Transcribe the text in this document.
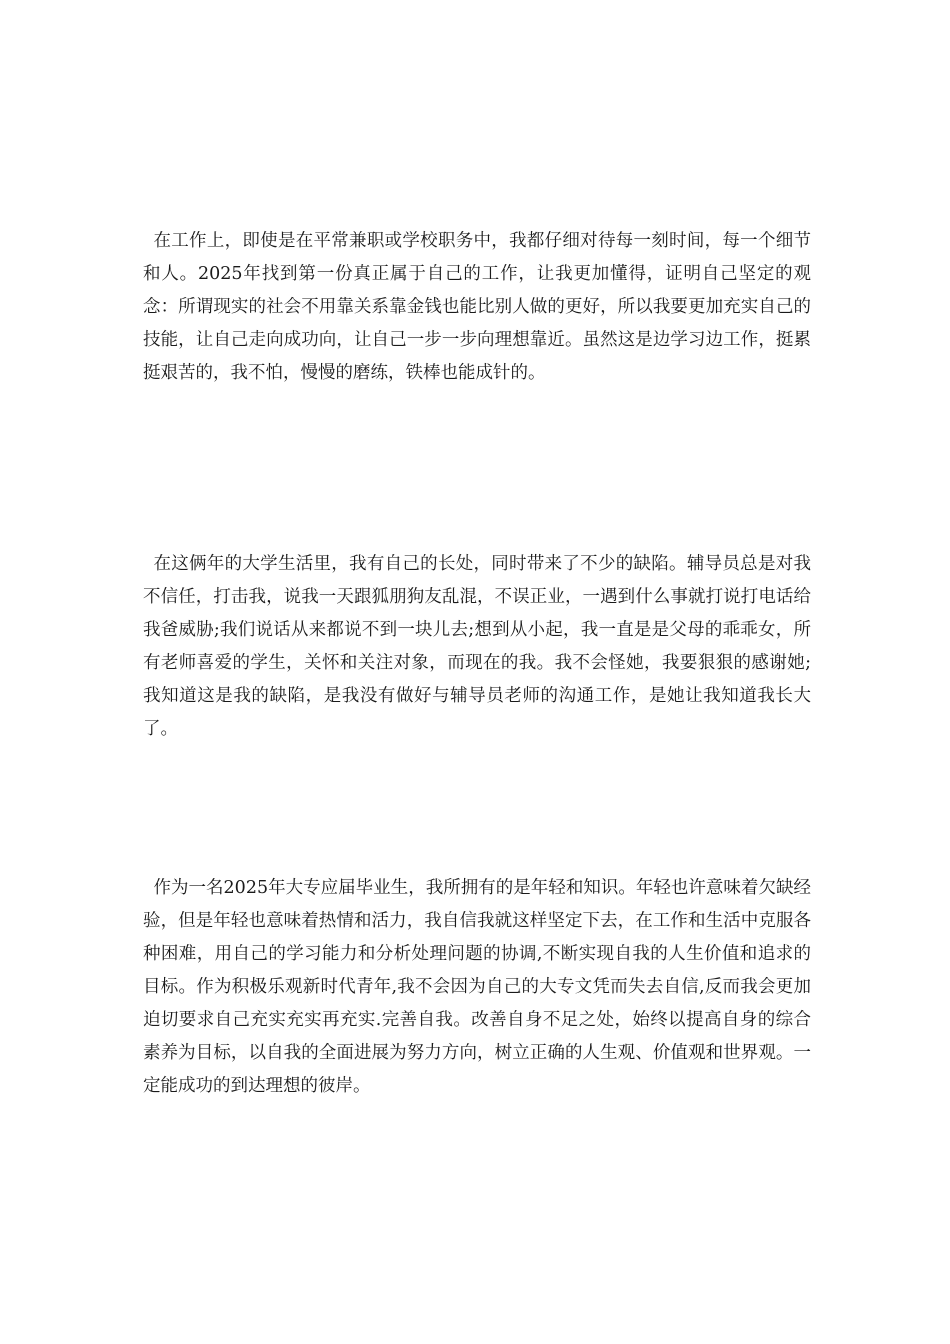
在工作上，即使是在平常兼职或学校职务中，我都仔细对待每一刻时间，每一个细节和人。2025年找到第一份真正属于自己的工作，让我更加懂得，证明自己坚定的观念：所谓现实的社会不用靠关系靠金钱也能比别人做的更好，所以我要更加充实自己的技能，让自己走向成功向，让自己一步一步向理想靠近。虽然这是边学习边工作，挺累挺艰苦的，我不怕，慢慢的磨练，铁棒也能成针的。

在这俩年的大学生活里，我有自己的长处，同时带来了不少的缺陷。辅导员总是对我不信任，打击我，说我一天跟狐朋狗友乱混，不误正业，一遇到什么事就打说打电话给我爸威胁;我们说话从来都说不到一块儿去;想到从小起，我一直是是父母的乖乖女，所有老师喜爱的学生，关怀和关注对象，而现在的我。我不会怪她，我要狠狠的感谢她;我知道这是我的缺陷，是我没有做好与辅导员老师的沟通工作，是她让我知道我长大了。

作为一名2025年大专应届毕业生，我所拥有的是年轻和知识。年轻也许意味着欠缺经验，但是年轻也意味着热情和活力，我自信我就这样坚定下去，在工作和生活中克服各种困难，用自己的学习能力和分析处理问题的协调,不断实现自我的人生价值和追求的目标。作为积极乐观新时代青年,我不会因为自己的大专文凭而失去自信,反而我会更加迫切要求自己充实充实再充实.完善自我。改善自身不足之处，始终以提高自身的综合素养为目标，以自我的全面进展为努力方向，树立正确的人生观、价值观和世界观。一定能成功的到达理想的彼岸。
